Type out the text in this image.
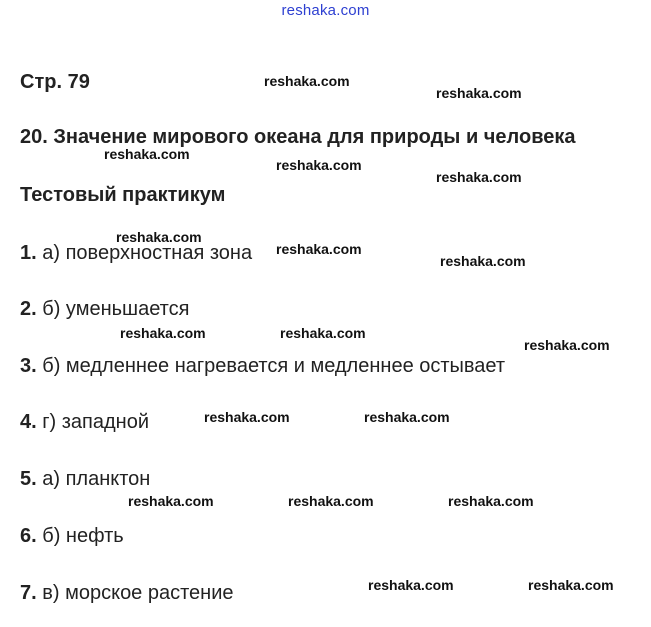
reshaka.com
Стр. 79
20. Значение мирового океана для природы и человека
Тестовый практикум
1. а) поверхностная зона
2. б) уменьшается
3. б) медленнее нагревается и медленнее остывает
4. г) западной
5. а) планктон
6. б) нефть
7. в) морское растение
reshaka.com
reshaka.com
reshaka.com
reshaka.com
reshaka.com
reshaka.com
reshaka.com
reshaka.com
reshaka.com	reshaka.com
reshaka.com
reshaka.com	reshaka.com
reshaka.com	reshaka.com	reshaka.com
reshaka.com	reshaka.com
